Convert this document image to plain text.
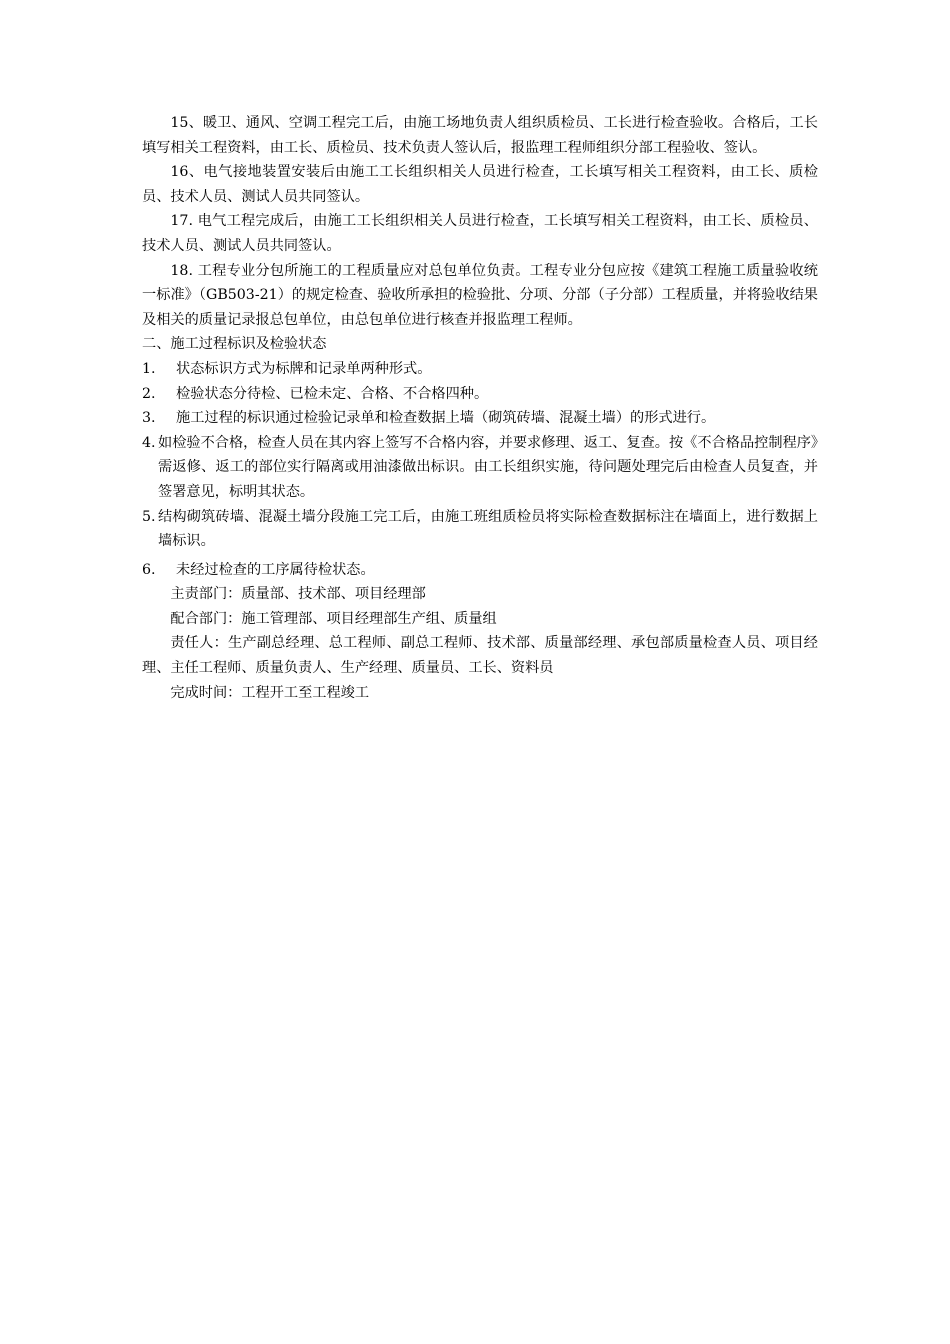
15、暖卫、通风、空调工程完工后，由施工场地负责人组织质检员、工长进行检查验收。合格后，工长填写相关工程资料，由工长、质检员、技术负责人签认后，报监理工程师组织分部工程验收、签认。

16、电气接地装置安装后由施工工长组织相关人员进行检查，工长填写相关工程资料，由工长、质检员、技术人员、测试人员共同签认。

17. 电气工程完成后，由施工工长组织相关人员进行检查，工长填写相关工程资料，由工长、质检员、技术人员、测试人员共同签认。

18. 工程专业分包所施工的工程质量应对总包单位负责。工程专业分包应按《建筑工程施工质量验收统一标准》（GB503-21）的规定检查、验收所承担的检验批、分项、分部（子分部）工程质量，并将验收结果及相关的质量记录报总包单位，由总包单位进行核查并报监理工程师。

二、施工过程标识及检验状态

1.	状态标识方式为标牌和记录单两种形式。
2.	检验状态分待检、已检未定、合格、不合格四种。
3.	施工过程的标识通过检验记录单和检查数据上墙（砌筑砖墙、混凝土墙）的形式进行。
4. 如检验不合格，检查人员在其内容上签写不合格内容，并要求修理、返工、复查。按《不合格品控制程序》需返修、返工的部位实行隔离或用油漆做出标识。由工长组织实施，待问题处理完后由检查人员复查，并签署意见，标明其状态。
5. 结构砌筑砖墙、混凝土墙分段施工完工后，由施工班组质检员将实际检查数据标注在墙面上，进行数据上墙标识。
6.	未经过检查的工序属待检状态。

主责部门：质量部、技术部、项目经理部

配合部门：施工管理部、项目经理部生产组、质量组

责任人：生产副总经理、总工程师、副总工程师、技术部、质量部经理、承包部质量检查人员、项目经理、主任工程师、质量负责人、生产经理、质量员、工长、资料员

完成时间：工程开工至工程竣工
